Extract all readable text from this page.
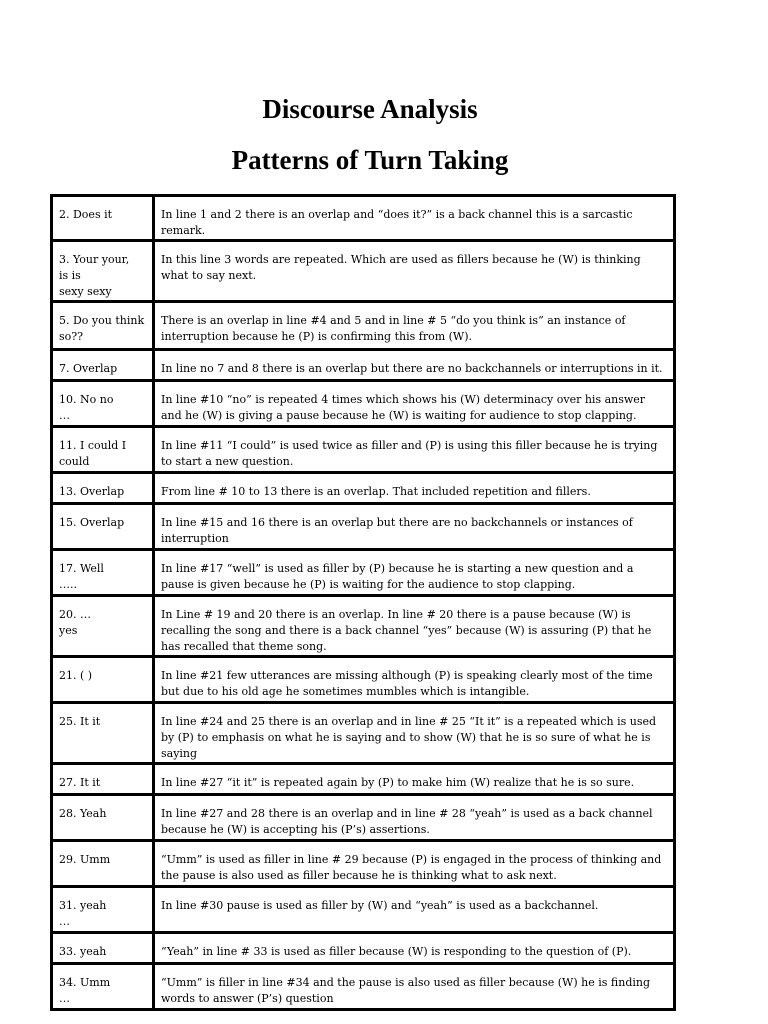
Discourse Analysis
Patterns of Turn Taking
2. Does it	In line 1 and 2 there is an overlap and “does it?” is a back channel this is a sarcastic remark.
3. Your your,
is is
sexy sexy	In this line 3 words are repeated. Which are used as fillers because he (W) is thinking what to say next.
5. Do you think so??	There is an overlap in line #4 and 5 and in line # 5 “do you think is” an instance of interruption because he (P) is confirming this from (W).
7. Overlap	In line no 7 and 8 there is an overlap but there are no backchannels or interruptions in it.
10. No no
…	In line #10 “no” is repeated 4 times which shows his (W) determinacy over his answer and he (W) is giving a pause because he (W) is waiting for audience to stop clapping.
11. I could I could	In line #11 “I could” is used twice as filler and (P) is using this filler because he is trying to start a new question.
13. Overlap	From line # 10 to 13 there is an overlap. That included repetition and fillers.
15. Overlap	In line #15 and 16 there is an overlap but there are no backchannels or instances of interruption
17. Well
…..	In line #17 “well” is used as filler by (P) because he is starting a new question and a pause is given because he (P) is waiting for the audience to stop clapping.
20. …
yes	In Line # 19 and 20 there is an overlap. In line # 20 there is a pause because (W) is recalling the song and there is a back channel “yes” because (W) is assuring (P) that he has recalled that theme song.
21. ( )	In line #21 few utterances are missing although (P) is speaking clearly most of the time but due to his old age he sometimes mumbles which is intangible.
25. It it	In line #24 and 25 there is an overlap and in line # 25 “It it” is a repeated which is used by (P) to emphasis on what he is saying and to show (W) that he is so sure of what he is saying
27. It it	In line #27 “it it” is repeated again by (P) to make him (W) realize that he is so sure.
28. Yeah	In line #27 and 28 there is an overlap and in line # 28 “yeah” is used as a back channel because he (W) is accepting his (P’s) assertions.
29. Umm	“Umm” is used as filler in line # 29 because (P) is engaged in the process of thinking and the pause is also used as filler because he is thinking what to ask next.
31. yeah
…	In line #30 pause is used as filler by (W) and “yeah” is used as a backchannel.
33. yeah	“Yeah” in line # 33 is used as filler because (W) is responding to the question of (P).
34. Umm
…	“Umm” is filler in line #34 and the pause is also used as filler because (W) he is finding words to answer (P’s) question
